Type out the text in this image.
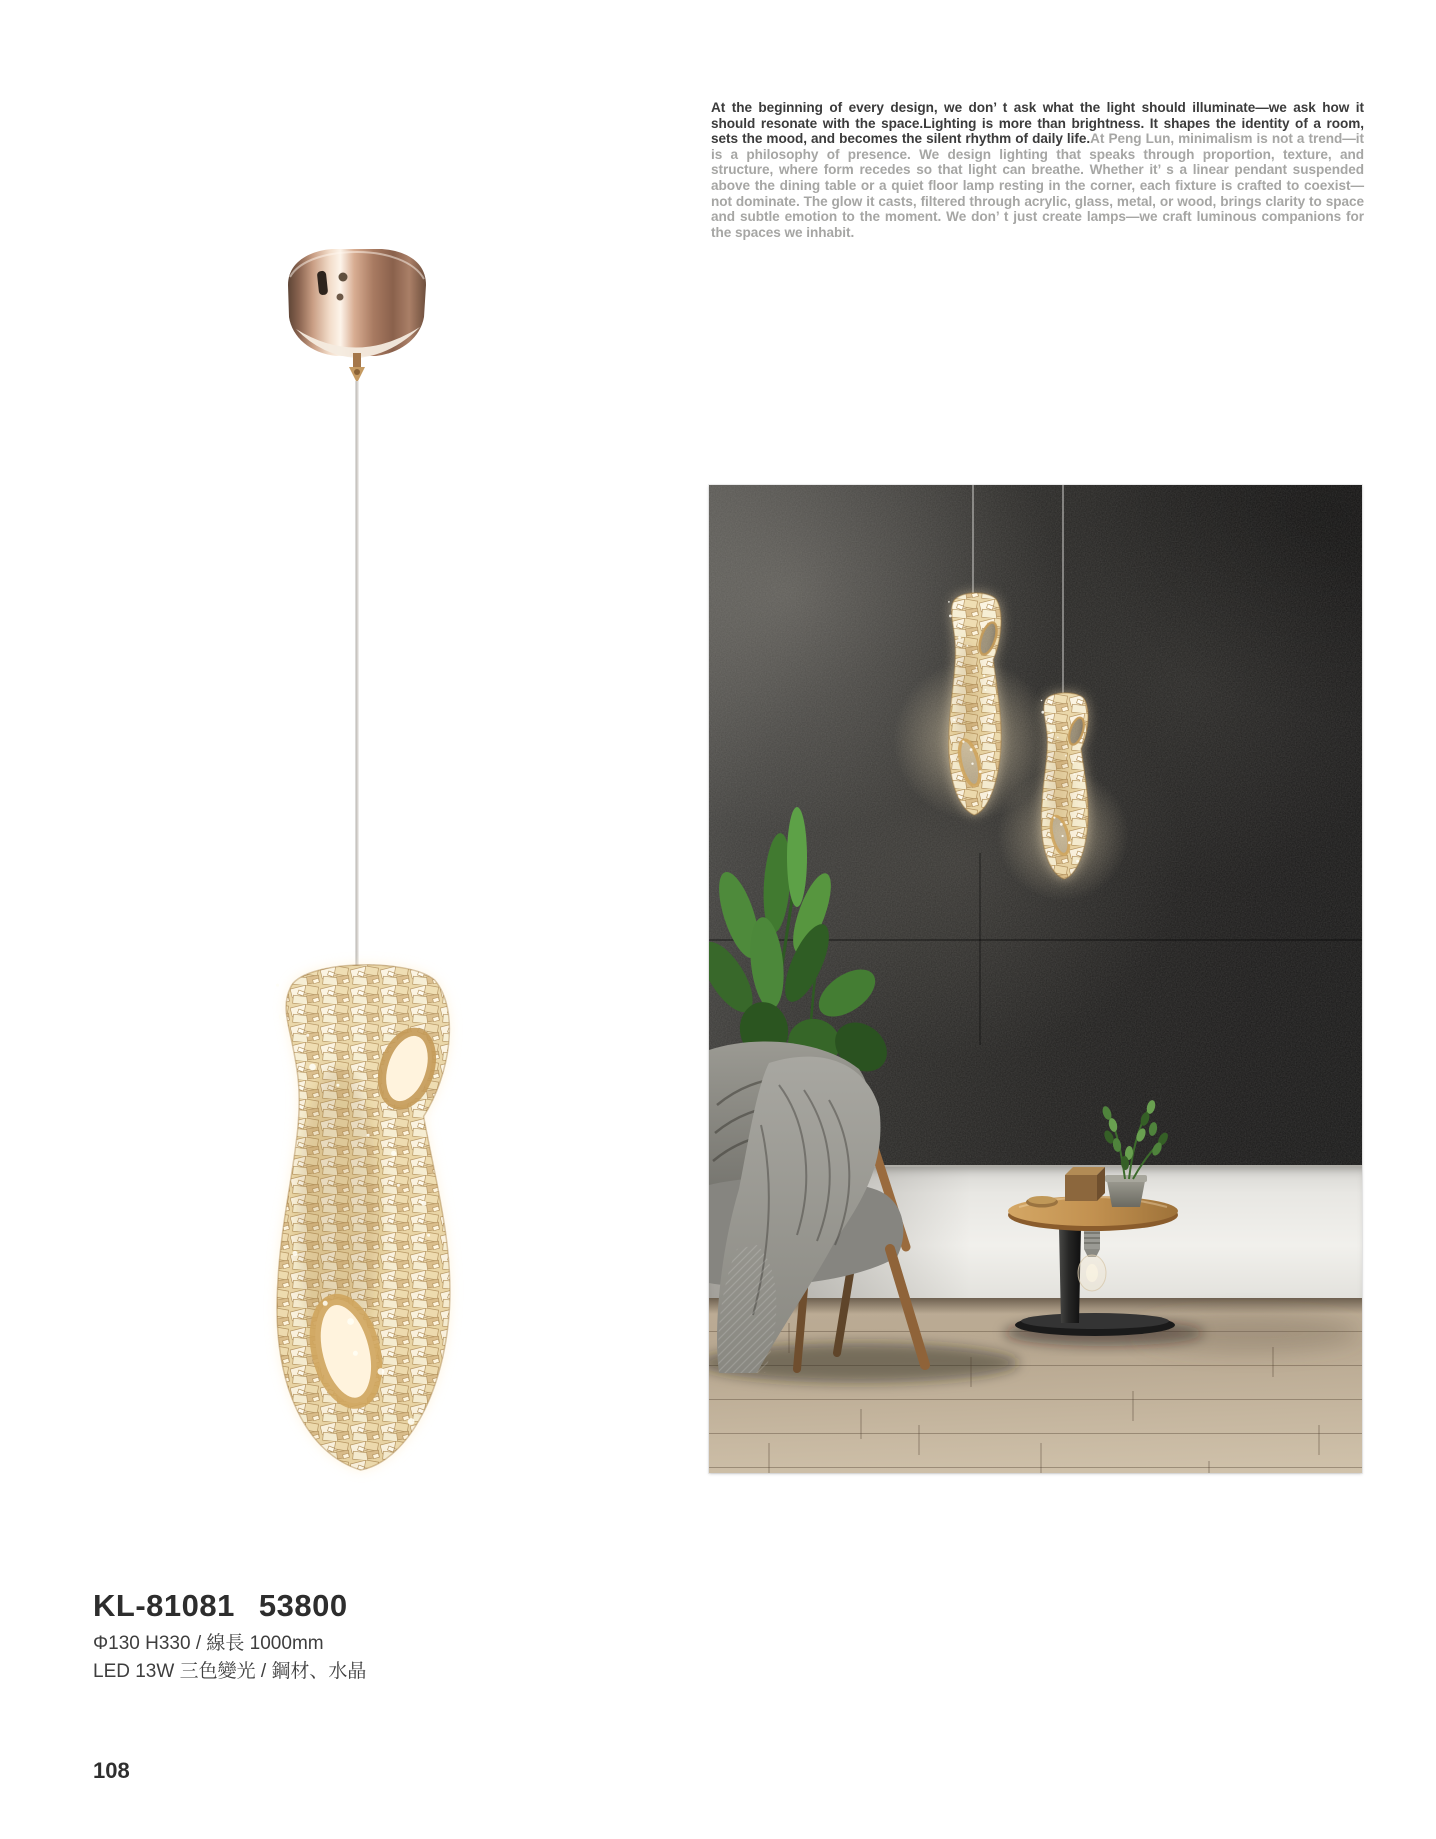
At the beginning of every design, we don’ t ask what the light should illuminate—we ask how it should resonate with the space.Lighting is more than brightness. It shapes the identity of a room, sets the mood, and becomes the silent rhythm of daily life.At Peng Lun, minimalism is not a trend—it is a philosophy of presence. We design lighting that speaks through proportion, texture, and structure, where form recedes so that light can breathe. Whether it’ s a linear pendant suspended above the dining table or a quiet floor lamp resting in the corner, each fixture is crafted to coexist—not dominate. The glow it casts, filtered through acrylic, glass, metal, or wood, brings clarity to space and subtle emotion to the moment. We don’ t just create lamps—we craft luminous companions for the spaces we inhabit.

KL-81081 53800
Φ130 H330 / 線長 1000mm
LED 13W 三色變光 / 鋼材、水晶
108
